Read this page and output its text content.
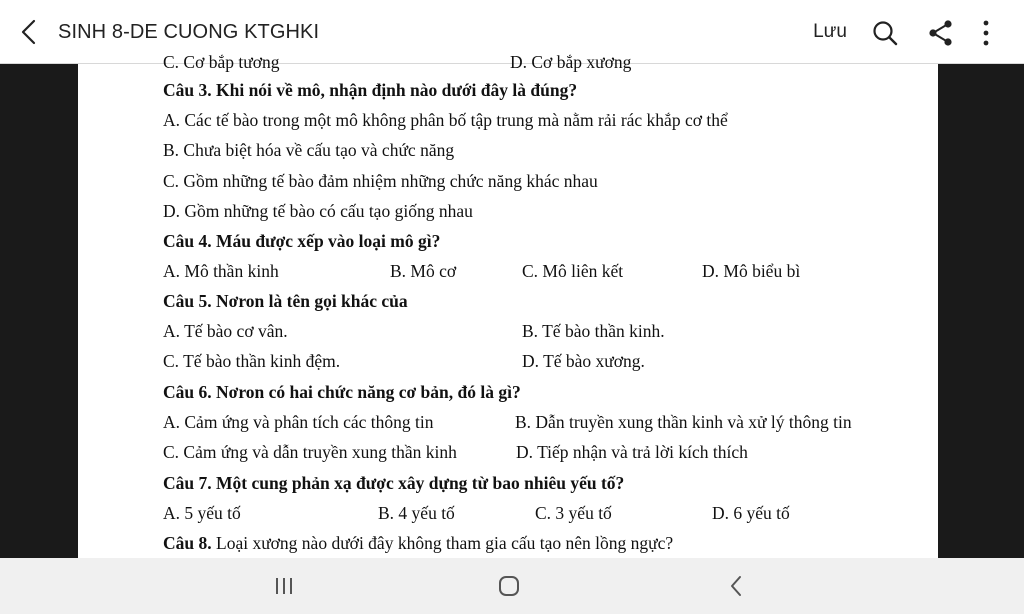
SINH 8-DE CUONG KTGHKI	Lưu
C. Cơ bắp tương	D. Cơ bắp xương
Câu 3. Khi nói về mô, nhận định nào dưới đây là đúng?
A. Các tế bào trong một mô không phân bố tập trung mà nằm rải rác khắp cơ thể
B. Chưa biệt hóa về cấu tạo và chức năng
C. Gồm những tế bào đảm nhiệm những chức năng khác nhau
D. Gồm những tế bào có cấu tạo giống nhau
Câu 4. Máu được xếp vào loại mô gì?
A. Mô thần kinh	B. Mô cơ	C. Mô liên kết	D. Mô biểu bì
Câu 5. Nơron là tên gọi khác của
A. Tế bào cơ vân.	B. Tế bào thần kinh.
C. Tế bào thần kinh đệm.	D. Tế bào xương.
Câu 6. Nơron có hai chức năng cơ bản, đó là gì?
A. Cảm ứng và phân tích các thông tin	B. Dẫn truyền xung thần kinh và xử lý thông tin
C. Cảm ứng và dẫn truyền xung thần kinh	D. Tiếp nhận và trả lời kích thích
Câu 7. Một cung phản xạ được xây dựng từ bao nhiêu yếu tố?
A. 5 yếu tố	B. 4 yếu tố	C. 3 yếu tố	D. 6 yếu tố
Câu 8. Loại xương nào dưới đây không tham gia cấu tạo nên lồng ngực?
